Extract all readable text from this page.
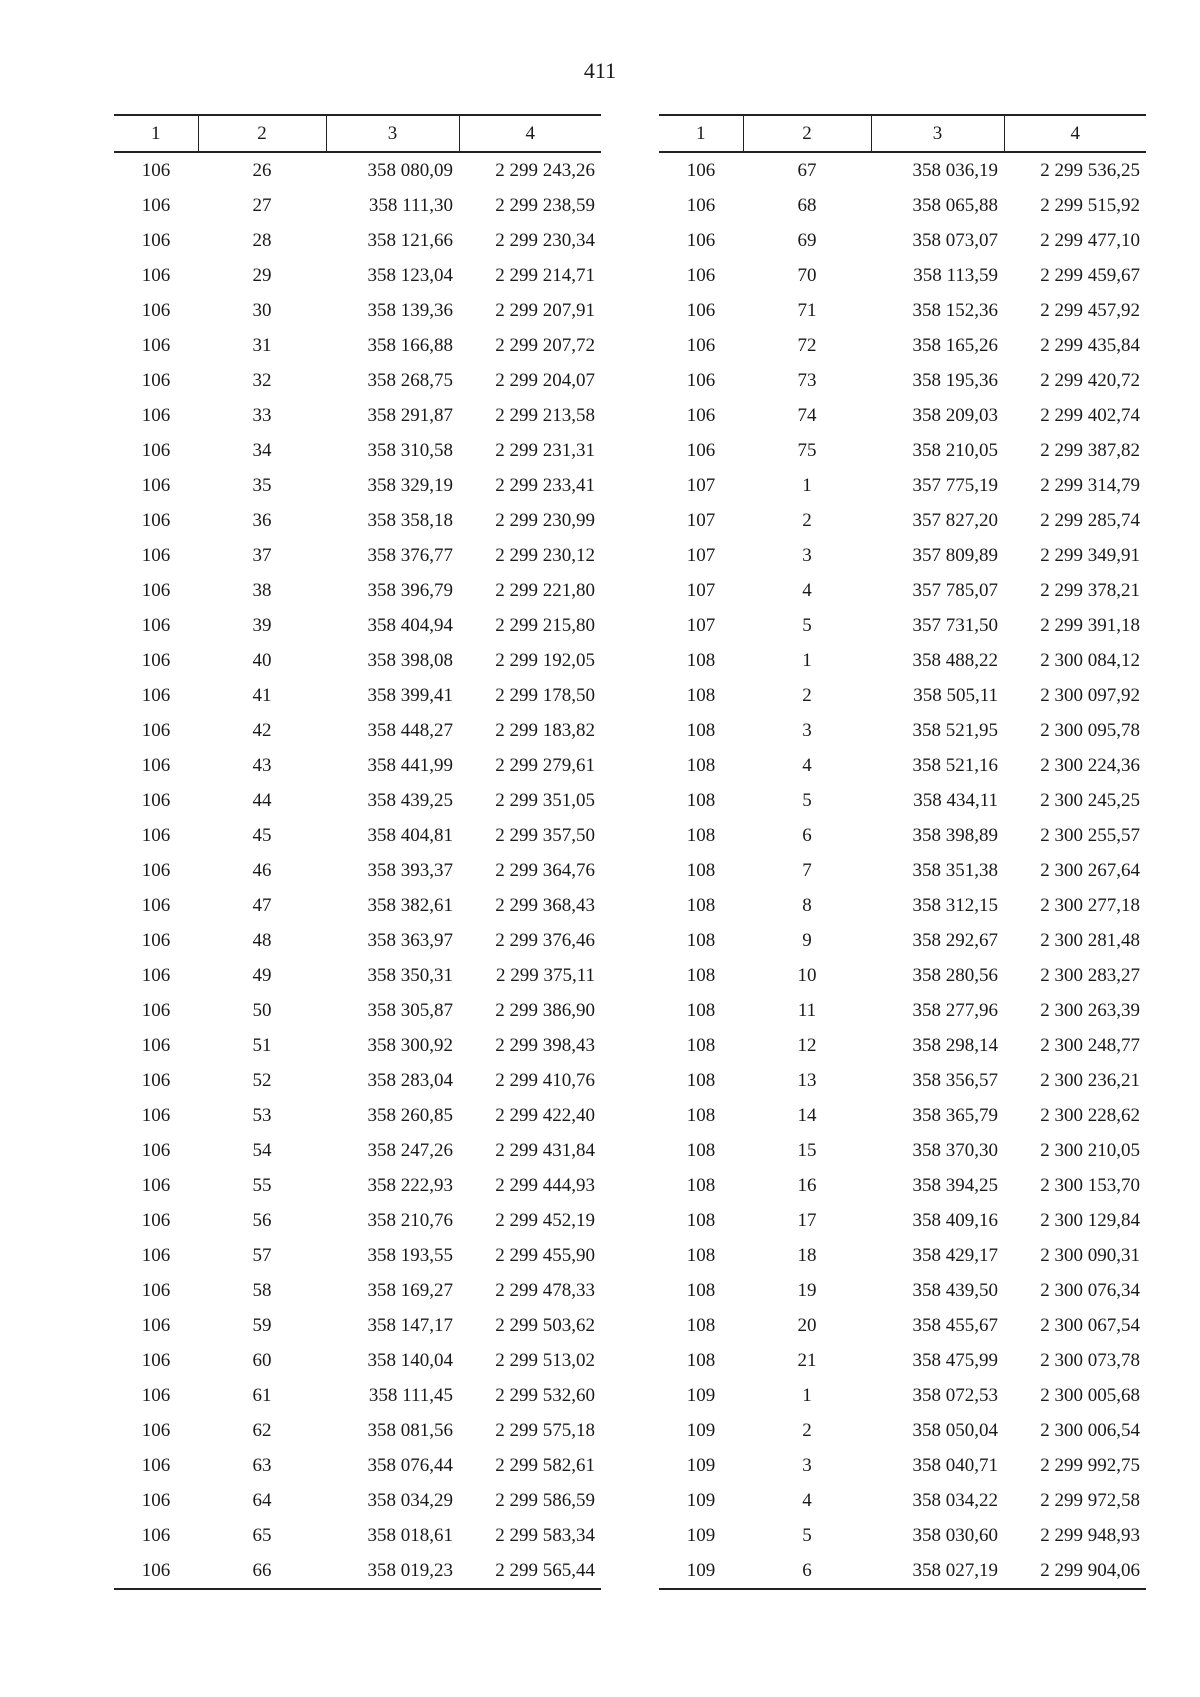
411
1	2	3	4
106	26	358 080,09	2 299 243,26
106	27	358 111,30	2 299 238,59
106	28	358 121,66	2 299 230,34
106	29	358 123,04	2 299 214,71
106	30	358 139,36	2 299 207,91
106	31	358 166,88	2 299 207,72
106	32	358 268,75	2 299 204,07
106	33	358 291,87	2 299 213,58
106	34	358 310,58	2 299 231,31
106	35	358 329,19	2 299 233,41
106	36	358 358,18	2 299 230,99
106	37	358 376,77	2 299 230,12
106	38	358 396,79	2 299 221,80
106	39	358 404,94	2 299 215,80
106	40	358 398,08	2 299 192,05
106	41	358 399,41	2 299 178,50
106	42	358 448,27	2 299 183,82
106	43	358 441,99	2 299 279,61
106	44	358 439,25	2 299 351,05
106	45	358 404,81	2 299 357,50
106	46	358 393,37	2 299 364,76
106	47	358 382,61	2 299 368,43
106	48	358 363,97	2 299 376,46
106	49	358 350,31	2 299 375,11
106	50	358 305,87	2 299 386,90
106	51	358 300,92	2 299 398,43
106	52	358 283,04	2 299 410,76
106	53	358 260,85	2 299 422,40
106	54	358 247,26	2 299 431,84
106	55	358 222,93	2 299 444,93
106	56	358 210,76	2 299 452,19
106	57	358 193,55	2 299 455,90
106	58	358 169,27	2 299 478,33
106	59	358 147,17	2 299 503,62
106	60	358 140,04	2 299 513,02
106	61	358 111,45	2 299 532,60
106	62	358 081,56	2 299 575,18
106	63	358 076,44	2 299 582,61
106	64	358 034,29	2 299 586,59
106	65	358 018,61	2 299 583,34
106	66	358 019,23	2 299 565,44
1	2	3	4
106	67	358 036,19	2 299 536,25
106	68	358 065,88	2 299 515,92
106	69	358 073,07	2 299 477,10
106	70	358 113,59	2 299 459,67
106	71	358 152,36	2 299 457,92
106	72	358 165,26	2 299 435,84
106	73	358 195,36	2 299 420,72
106	74	358 209,03	2 299 402,74
106	75	358 210,05	2 299 387,82
107	1	357 775,19	2 299 314,79
107	2	357 827,20	2 299 285,74
107	3	357 809,89	2 299 349,91
107	4	357 785,07	2 299 378,21
107	5	357 731,50	2 299 391,18
108	1	358 488,22	2 300 084,12
108	2	358 505,11	2 300 097,92
108	3	358 521,95	2 300 095,78
108	4	358 521,16	2 300 224,36
108	5	358 434,11	2 300 245,25
108	6	358 398,89	2 300 255,57
108	7	358 351,38	2 300 267,64
108	8	358 312,15	2 300 277,18
108	9	358 292,67	2 300 281,48
108	10	358 280,56	2 300 283,27
108	11	358 277,96	2 300 263,39
108	12	358 298,14	2 300 248,77
108	13	358 356,57	2 300 236,21
108	14	358 365,79	2 300 228,62
108	15	358 370,30	2 300 210,05
108	16	358 394,25	2 300 153,70
108	17	358 409,16	2 300 129,84
108	18	358 429,17	2 300 090,31
108	19	358 439,50	2 300 076,34
108	20	358 455,67	2 300 067,54
108	21	358 475,99	2 300 073,78
109	1	358 072,53	2 300 005,68
109	2	358 050,04	2 300 006,54
109	3	358 040,71	2 299 992,75
109	4	358 034,22	2 299 972,58
109	5	358 030,60	2 299 948,93
109	6	358 027,19	2 299 904,06
